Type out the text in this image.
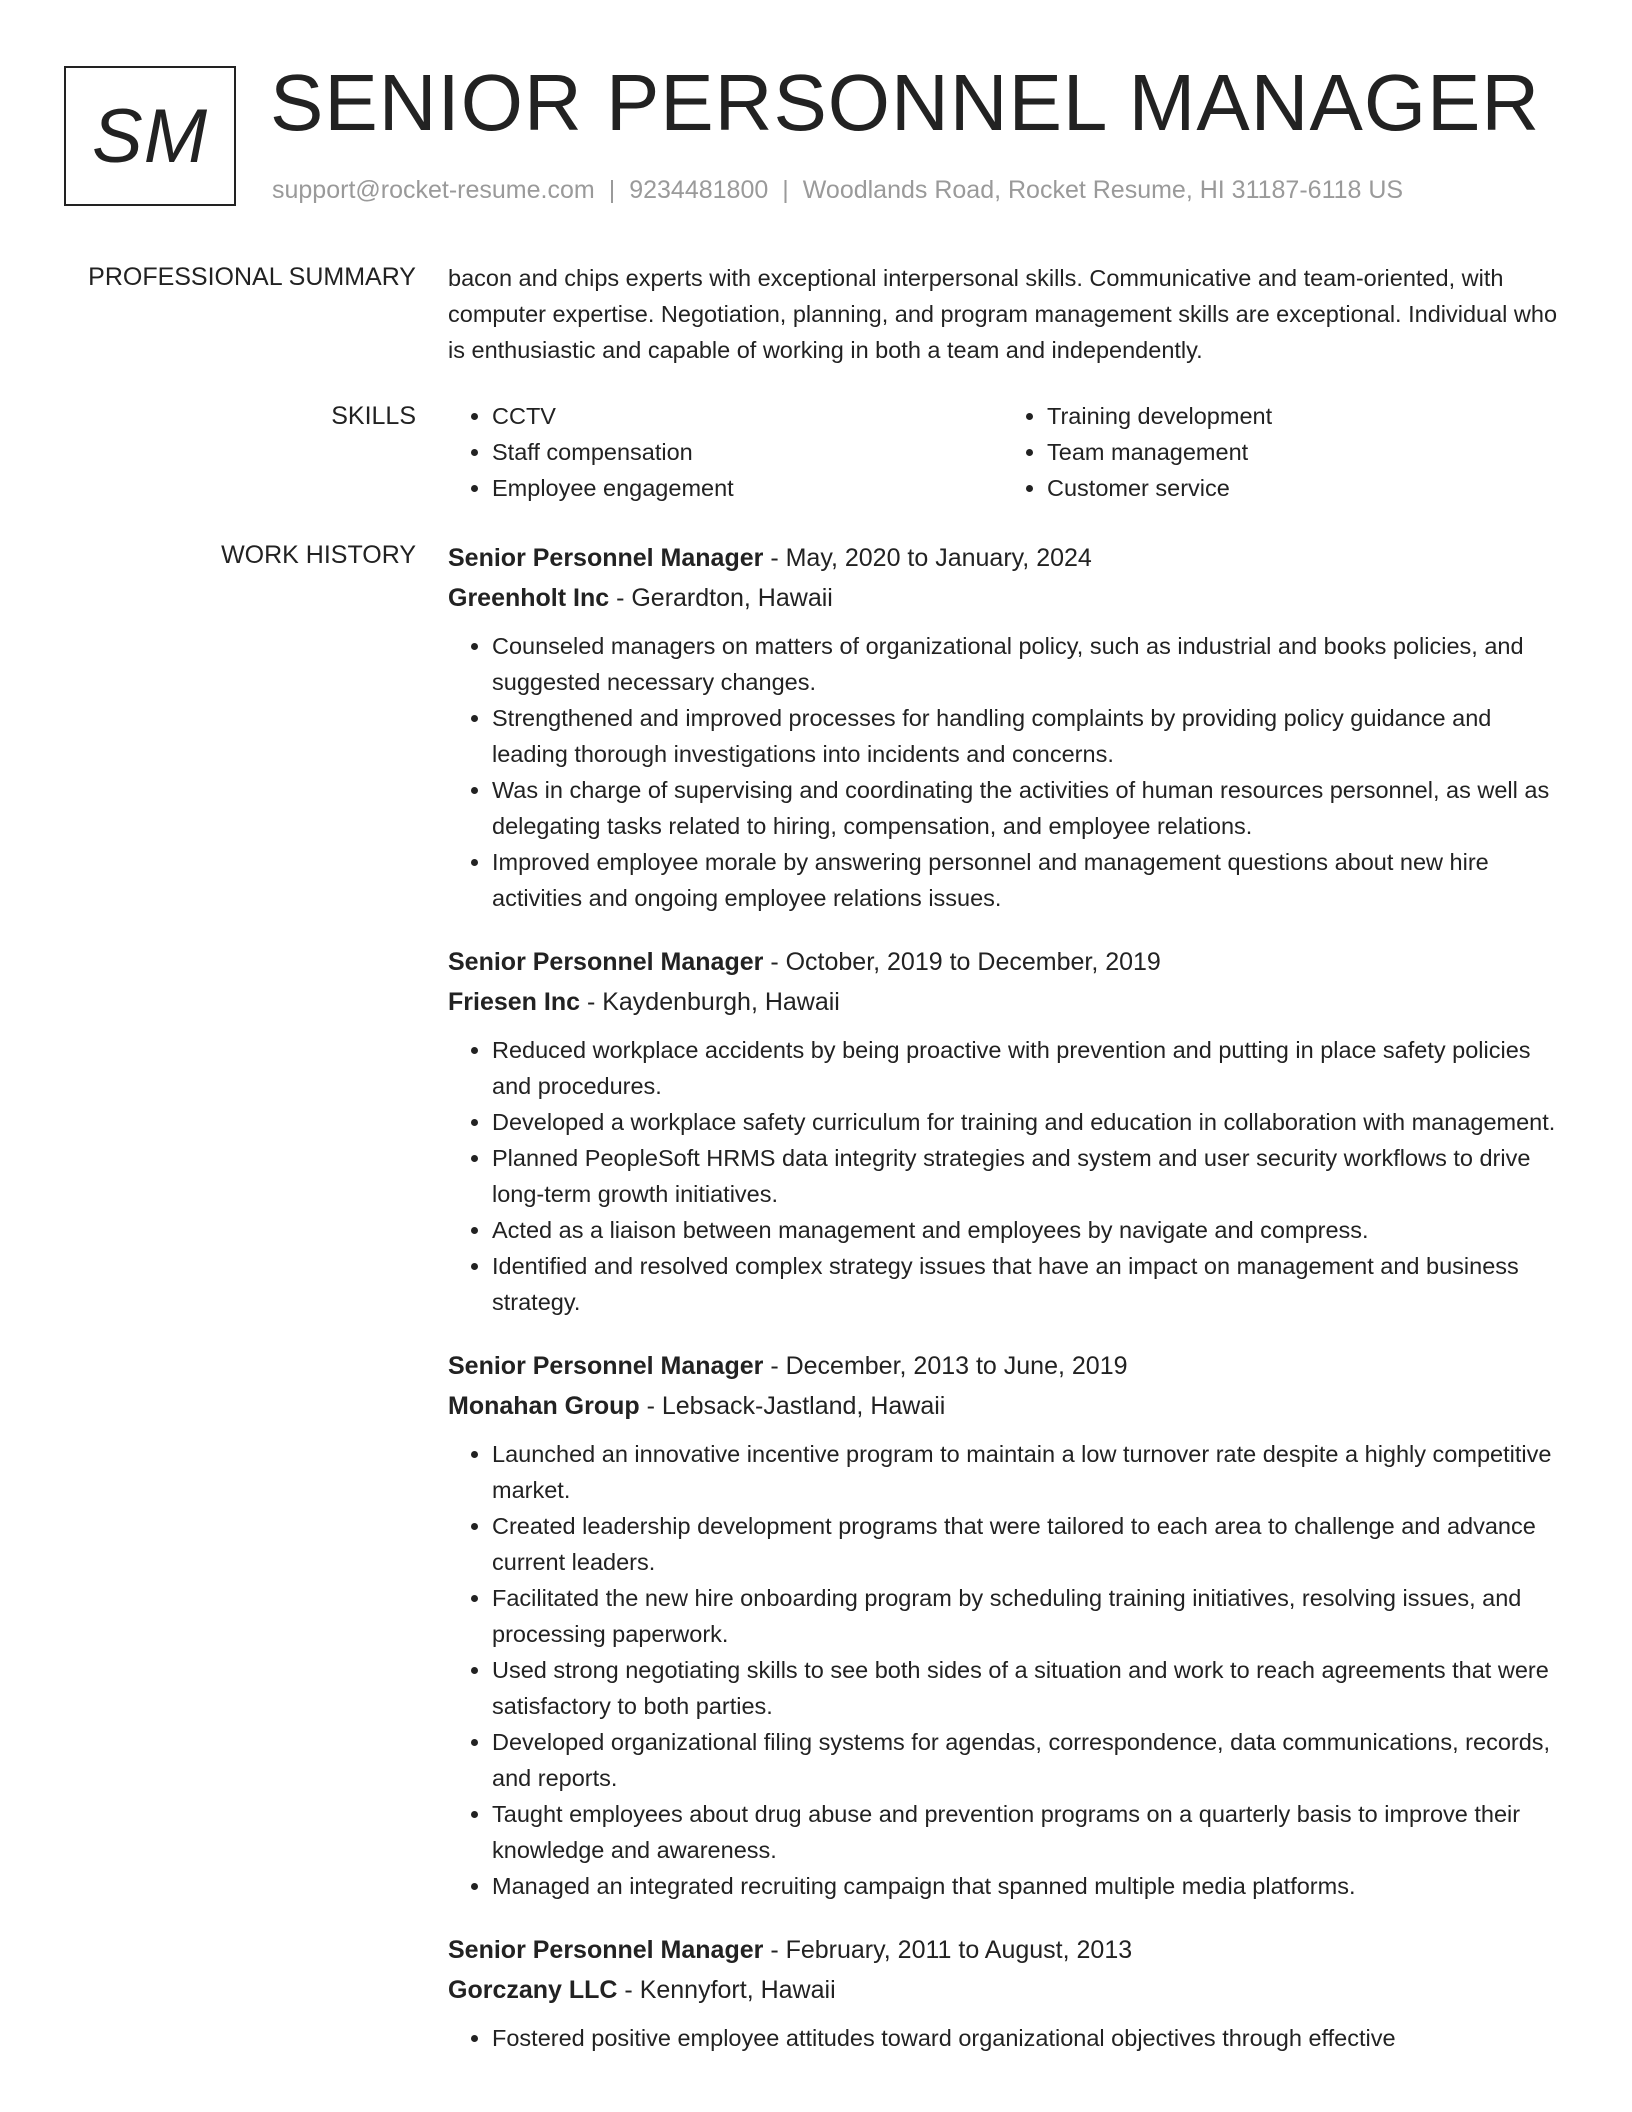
SM SENIOR PERSONNEL MANAGER
support@rocket-resume.com | 9234481800 | Woodlands Road, Rocket Resume, HI 31187-6118 US
PROFESSIONAL SUMMARY bacon and chips experts with exceptional interpersonal skills. Communicative and team-oriented, with computer expertise. Negotiation, planning, and program management skills are exceptional. Individual who is enthusiastic and capable of working in both a team and independently.
SKILLS
•	CCTV
• Staff compensation
• Employee engagement
• Training development
• Team management
• Customer service
WORK HISTORY Senior Personnel Manager - May, 2020 to January, 2024
Greenholt Inc - Gerardton, Hawaii
• Counseled managers on matters of organizational policy, such as industrial and books policies, and suggested necessary changes.
• Strengthened and improved processes for handling complaints by providing policy guidance and leading thorough investigations into incidents and concerns.
• Was in charge of supervising and coordinating the activities of human resources personnel, as well as delegating tasks related to hiring, compensation, and employee relations.
• Improved employee morale by answering personnel and management questions about new hire activities and ongoing employee relations issues.
Senior Personnel Manager - October, 2019 to December, 2019
Friesen Inc - Kaydenburgh, Hawaii
• Reduced workplace accidents by being proactive with prevention and putting in place safety policies and procedures.
• Developed a workplace safety curriculum for training and education in collaboration with management.
• Planned PeopleSoft HRMS data integrity strategies and system and user security workflows to drive long-term growth initiatives.
• Acted as a liaison between management and employees by navigate and compress.
• Identified and resolved complex strategy issues that have an impact on management and business strategy.
Senior Personnel Manager - December, 2013 to June, 2019
Monahan Group - Lebsack-Jastland, Hawaii
• Launched an innovative incentive program to maintain a low turnover rate despite a highly competitive market.
• Created leadership development programs that were tailored to each area to challenge and advance current leaders.
• Facilitated the new hire onboarding program by scheduling training initiatives, resolving issues, and processing paperwork.
• Used strong negotiating skills to see both sides of a situation and work to reach agreements that were satisfactory to both parties.
• Developed organizational filing systems for agendas, correspondence, data communications, records, and reports.
• Taught employees about drug abuse and prevention programs on a quarterly basis to improve their knowledge and awareness.
• Managed an integrated recruiting campaign that spanned multiple media platforms.
Senior Personnel Manager - February, 2011 to August, 2013
Gorczany LLC - Kennyfort, Hawaii
• Fostered positive employee attitudes toward organizational objectives through effective
